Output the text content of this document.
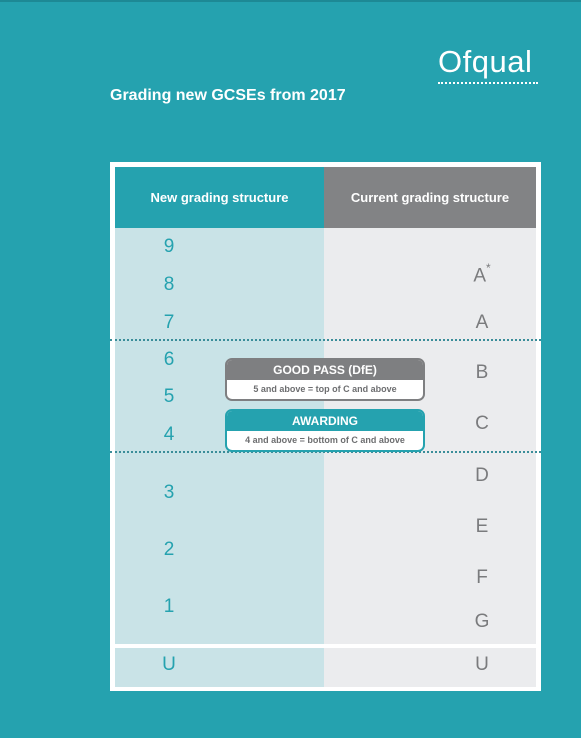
Ofqual
Grading new GCSEs from 2017
New grading structure	Current grading structure
9
8
7
6
5
4
3
2
1
U
A*
A
B
C
D
E
F
G
U
GOOD PASS (DfE)
5 and above = top of C and above
AWARDING
4 and above = bottom of C and above
